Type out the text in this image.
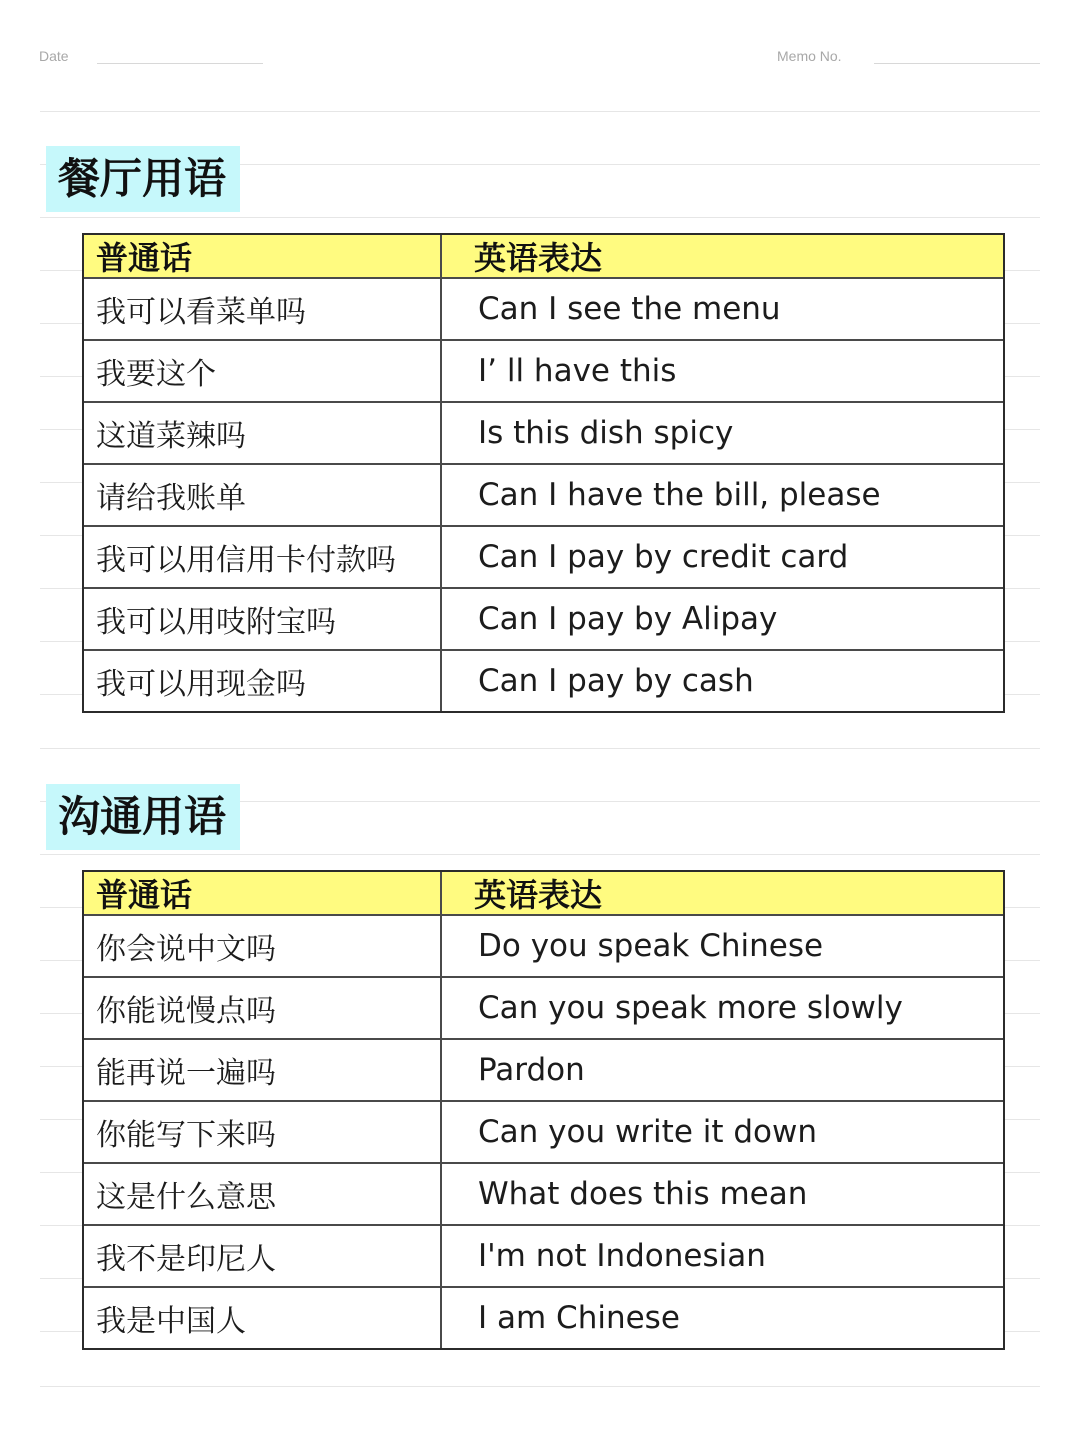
Date	Memo No.
餐厅用语
普通话	英语表达
我可以看菜单吗	Can I see the menu
我要这个	I’ ll have this
这道菜辣吗	Is this dish spicy
请给我账单	Can I have the bill, please
我可以用信用卡付款吗	Can I pay by credit card
我可以用吱附宝吗	Can I pay by Alipay
我可以用现金吗	Can I pay by cash
沟通用语
普通话	英语表达
你会说中文吗	Do you speak Chinese
你能说慢点吗	Can you speak more slowly
能再说一遍吗	Pardon
你能写下来吗	Can you write it down
这是什么意思	What does this mean
我不是印尼人	I'm not Indonesian
我是中国人	I am Chinese
